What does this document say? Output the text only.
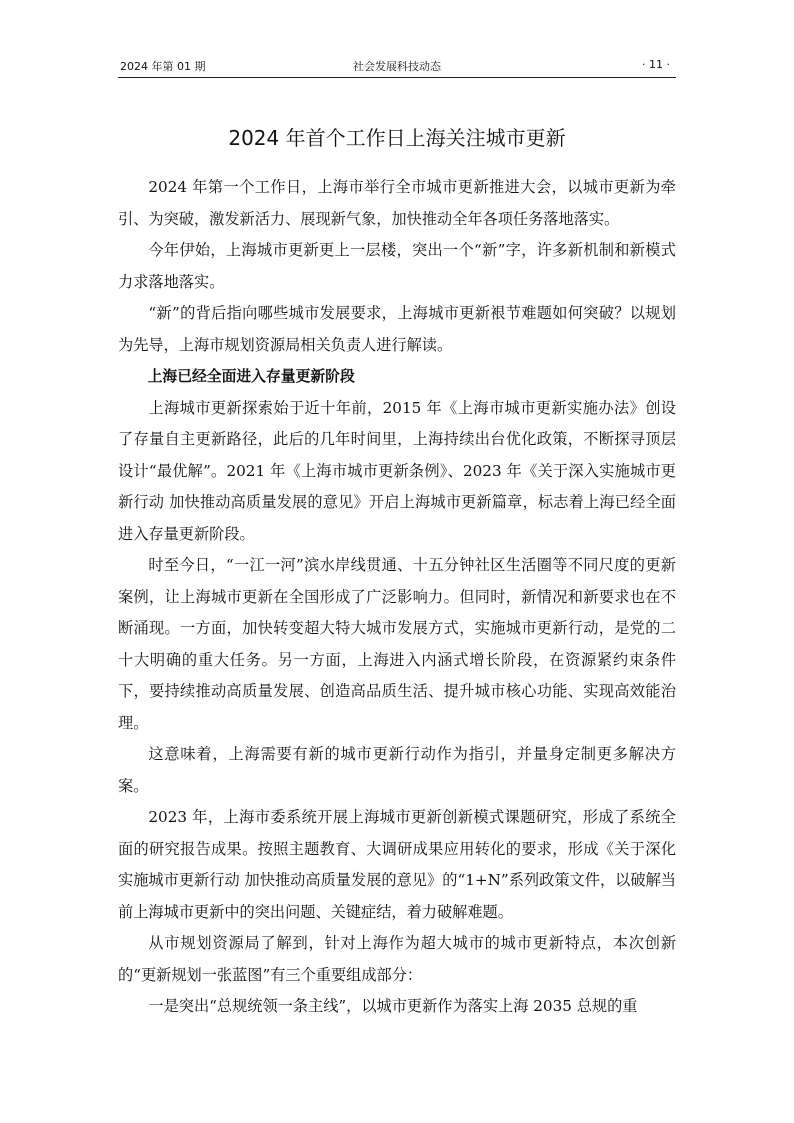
2024 年第 01 期	社会发展科技动态	· 11 ·
2024 年首个工作日上海关注城市更新

2024 年第一个工作日，上海市举行全市城市更新推进大会，以城市更新为牵引、为突破，激发新活力、展现新气象，加快推动全年各项任务落地落实。

今年伊始，上海城市更新更上一层楼，突出一个“新”字，许多新机制和新模式力求落地落实。

“新”的背后指向哪些城市发展要求，上海城市更新裉节难题如何突破？以规划为先导，上海市规划资源局相关负责人进行解读。

上海已经全面进入存量更新阶段

上海城市更新探索始于近十年前，2015 年《上海市城市更新实施办法》创设了存量自主更新路径，此后的几年时间里，上海持续出台优化政策，不断探寻顶层设计“最优解”。2021 年《上海市城市更新条例》、2023 年《关于深入实施城市更新行动 加快推动高质量发展的意见》开启上海城市更新篇章，标志着上海已经全面进入存量更新阶段。

时至今日，“一江一河”滨水岸线贯通、十五分钟社区生活圈等不同尺度的更新案例，让上海城市更新在全国形成了广泛影响力。但同时，新情况和新要求也在不断涌现。一方面，加快转变超大特大城市发展方式，实施城市更新行动，是党的二十大明确的重大任务。另一方面，上海进入内涵式增长阶段，在资源紧约束条件下，要持续推动高质量发展、创造高品质生活、提升城市核心功能、实现高效能治理。

这意味着，上海需要有新的城市更新行动作为指引，并量身定制更多解决方案。

2023 年，上海市委系统开展上海城市更新创新模式课题研究，形成了系统全面的研究报告成果。按照主题教育、大调研成果应用转化的要求，形成《关于深化实施城市更新行动 加快推动高质量发展的意见》的“1+N”系列政策文件，以破解当前上海城市更新中的突出问题、关键症结，着力破解难题。

从市规划资源局了解到，针对上海作为超大城市的城市更新特点，本次创新的“更新规划一张蓝图”有三个重要组成部分：

一是突出“总规统领一条主线”，以城市更新作为落实上海 2035 总规的重
